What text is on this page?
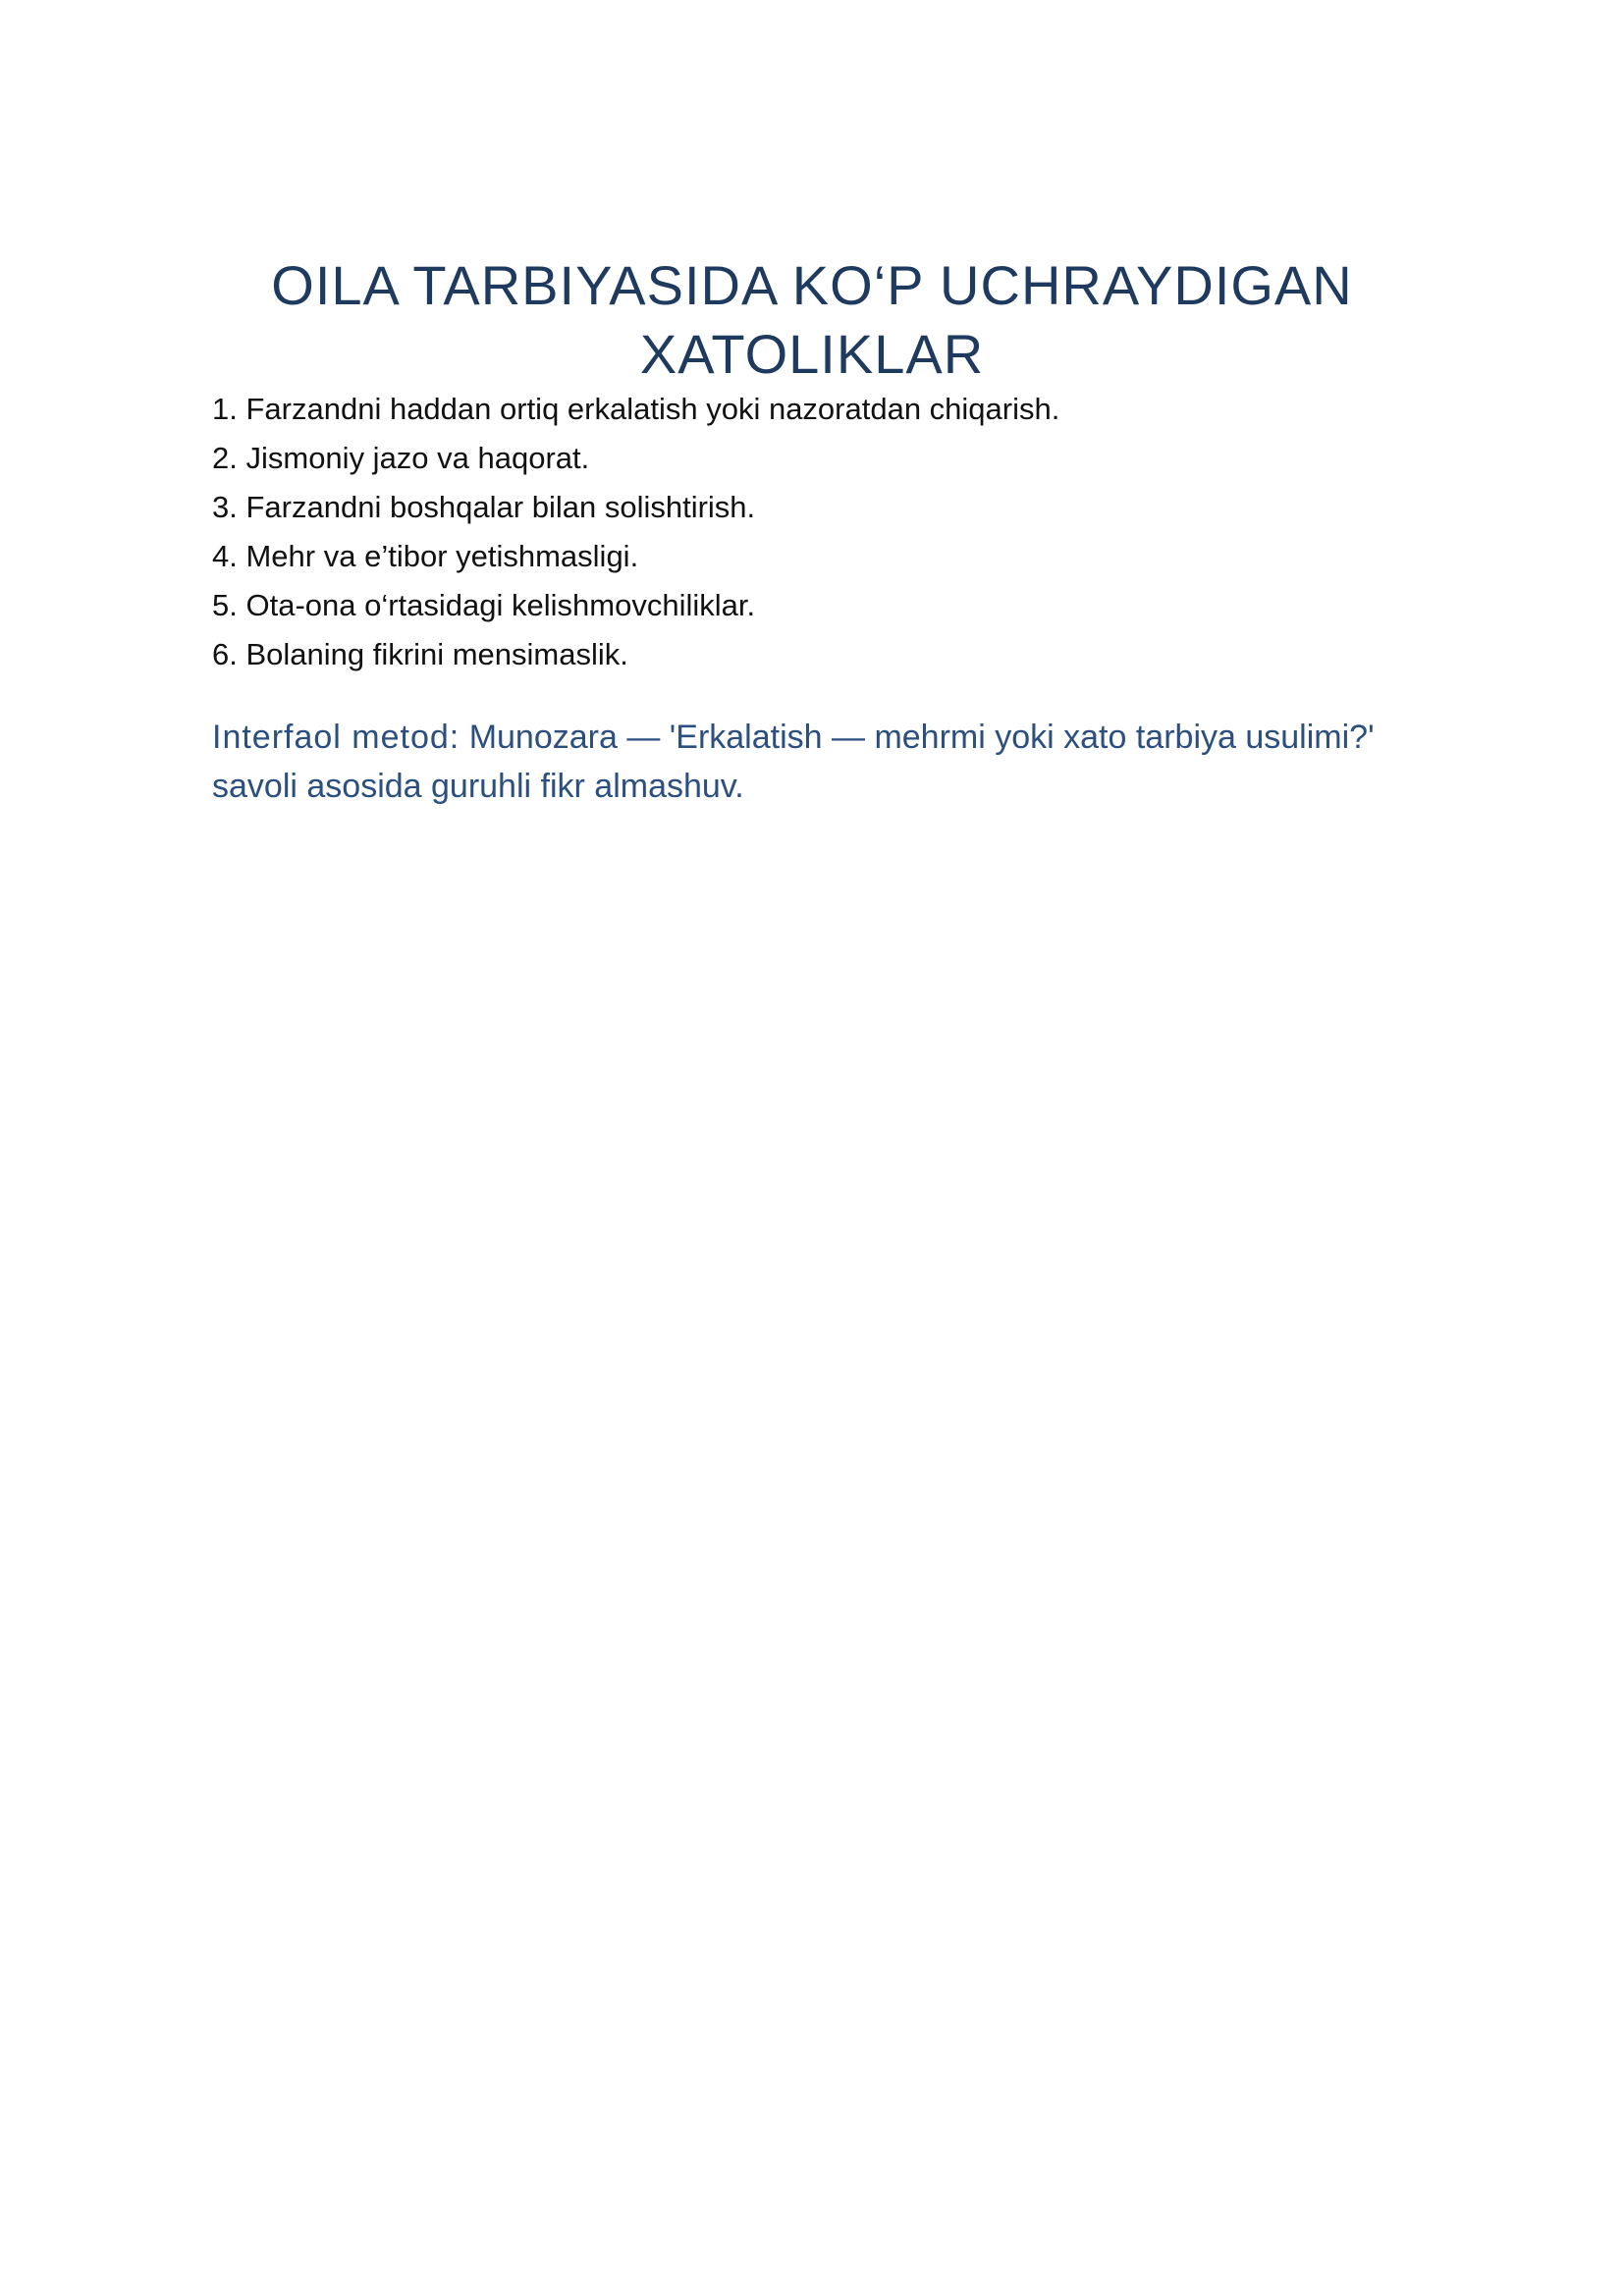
OILA TARBIYASIDA KO‘P UCHRAYDIGAN
XATOLIKLAR
1. Farzandni haddan ortiq erkalatish yoki nazoratdan chiqarish.
2. Jismoniy jazo va haqorat.
3. Farzandni boshqalar bilan solishtirish.
4. Mehr va e’tibor yetishmasligi.
5. Ota-ona o‘rtasidagi kelishmovchiliklar.
6. Bolaning fikrini mensimaslik.

Interfaol metod: Munozara — 'Erkalatish — mehrmi yoki xato tarbiya usulimi?' savoli asosida guruhli fikr almashuv.
